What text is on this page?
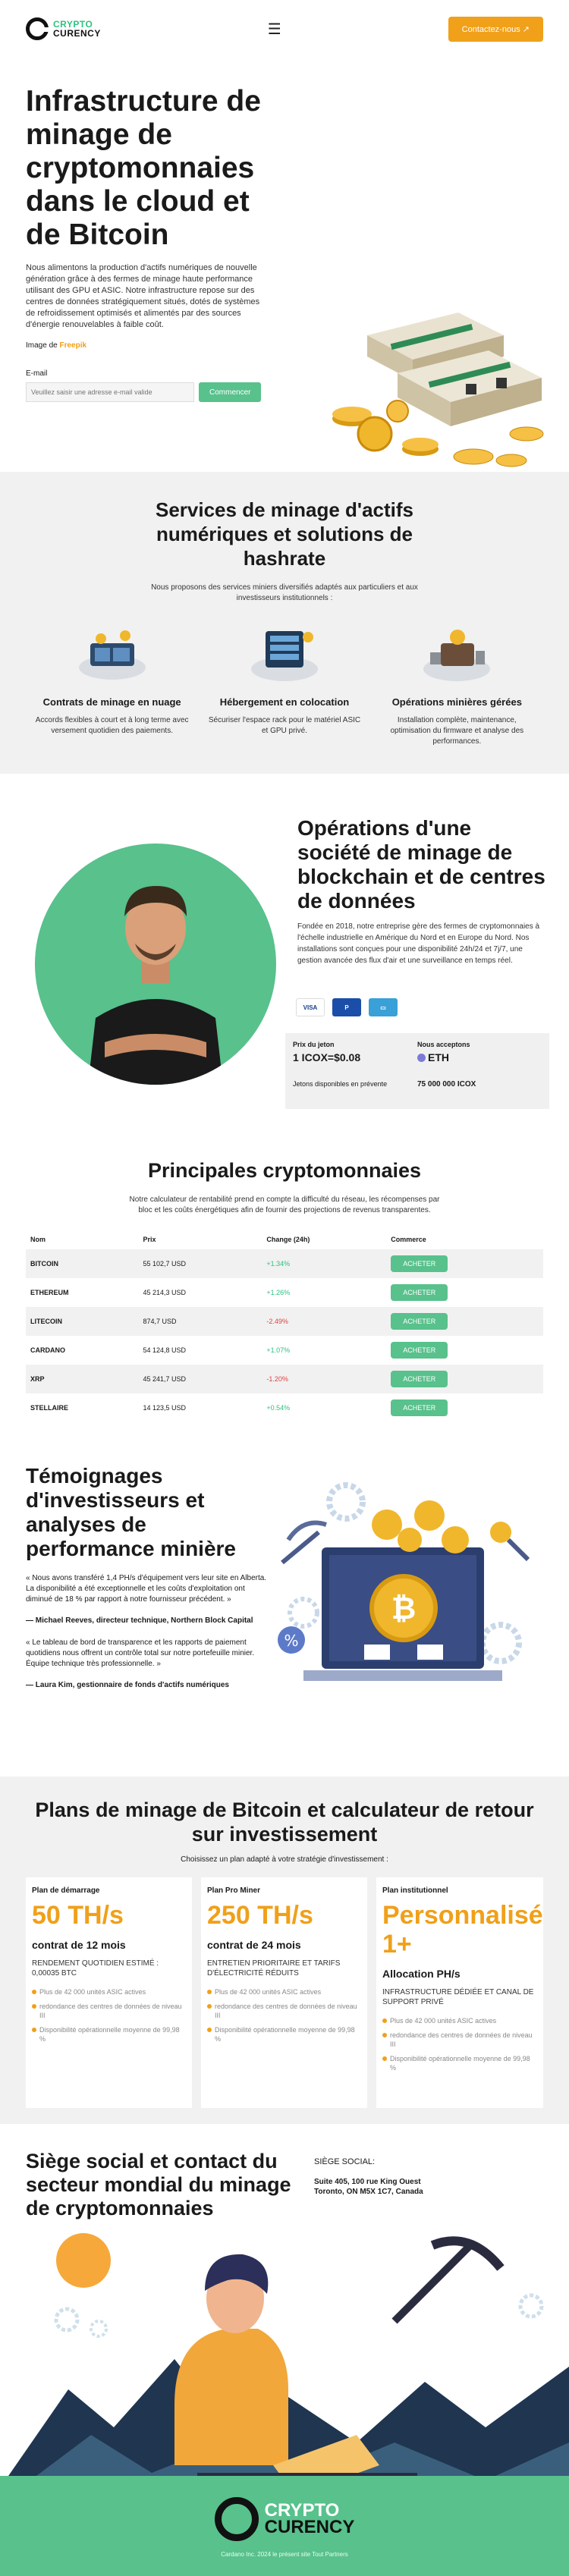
CRYPTO
CURENCY	☰	Contactez-nous ↗
Infrastructure de minage de cryptomonnaies dans le cloud et de Bitcoin

Nous alimentons la production d'actifs numériques de nouvelle génération grâce à des fermes de minage haute performance utilisant des GPU et ASIC. Notre infrastructure repose sur des centres de données stratégiquement situés, dotés de systèmes de refroidissement optimisés et alimentés par des sources d'énergie renouvelables à faible coût.

Image de Freepik
E-mail
Veuillez saisir une adresse e-mail valide
Commencer
Services de minage d'actifs numériques et solutions de hashrate

Nous proposons des services miniers diversifiés adaptés aux particuliers et aux investisseurs institutionnels :

Contrats de minage en nuage

Accords flexibles à court et à long terme avec versement quotidien des paiements.

Hébergement en colocation

Sécuriser l'espace rack pour le matériel ASIC et GPU privé.

Opérations minières gérées

Installation complète, maintenance, optimisation du firmware et analyse des performances.

Opérations d'une société de minage de blockchain et de centres de données

Fondée en 2018, notre entreprise gère des fermes de cryptomonnaies à l'échelle industrielle en Amérique du Nord et en Europe du Nord. Nos installations sont conçues pour une disponibilité 24h/24 et 7j/7, une gestion avancée des flux d'air et une surveillance en temps réel.

VISA	P	▭
Prix du jeton	Nous acceptons
1 ICOX=$0.08	ETH
Jetons disponibles en prévente	75 000 000 ICOX
Principales cryptomonnaies

Notre calculateur de rentabilité prend en compte la difficulté du réseau, les récompenses par bloc et les coûts énergétiques afin de fournir des projections de revenus transparentes.

Nom	Prix	Change (24h)	Commerce
BITCOIN	55 102,7 USD	+1.34%	ACHETER
ETHEREUM	45 214,3 USD	+1.26%	ACHETER
LITECOIN	874,7 USD	-2.49%	ACHETER
CARDANO	54 124,8 USD	+1.07%	ACHETER
XRP	45 241,7 USD	-1.20%	ACHETER
STELLAIRE	14 123,5 USD	+0.54%	ACHETER
Témoignages d'investisseurs et analyses de performance minière

« Nous avons transféré 1,4 PH/s d'équipement vers leur site en Alberta. La disponibilité a été exceptionnelle et les coûts d'exploitation ont diminué de 18 % par rapport à notre fournisseur précédent. »

— Michael Reeves, directeur technique, Northern Block Capital

« Le tableau de bord de transparence et les rapports de paiement quotidiens nous offrent un contrôle total sur notre portefeuille minier. Équipe technique très professionnelle. »

— Laura Kim, gestionnaire de fonds d'actifs numériques

₿
%
Plans de minage de Bitcoin et calculateur de retour sur investissement

Choisissez un plan adapté à votre stratégie d'investissement :

Plan de démarrage
50 TH/s
contrat de 12 mois
RENDEMENT QUOTIDIEN ESTIMÉ : 0,00035 BTC
Plus de 42 000 unités ASIC actives
redondance des centres de données de niveau III
Disponibilité opérationnelle moyenne de 99,98 %
Plan Pro Miner
250 TH/s
contrat de 24 mois
ENTRETIEN PRIORITAIRE ET TARIFS D'ÉLECTRICITÉ RÉDUITS
Plus de 42 000 unités ASIC actives
redondance des centres de données de niveau III
Disponibilité opérationnelle moyenne de 99,98 %
Plan institutionnel
Personnalisé 1+
Allocation PH/s
INFRASTRUCTURE DÉDIÉE ET CANAL DE SUPPORT PRIVÉ
Plus de 42 000 unités ASIC actives
redondance des centres de données de niveau III
Disponibilité opérationnelle moyenne de 99,98 %
Siège social et contact du secteur mondial du minage de cryptomonnaies
SIÈGE SOCIAL:
Suite 405, 100 rue King Ouest
Toronto, ON M5X 1C7, Canada
CRYPTO
CURENCY
Cardano Inc. 2024 le présent site Tout Partners
